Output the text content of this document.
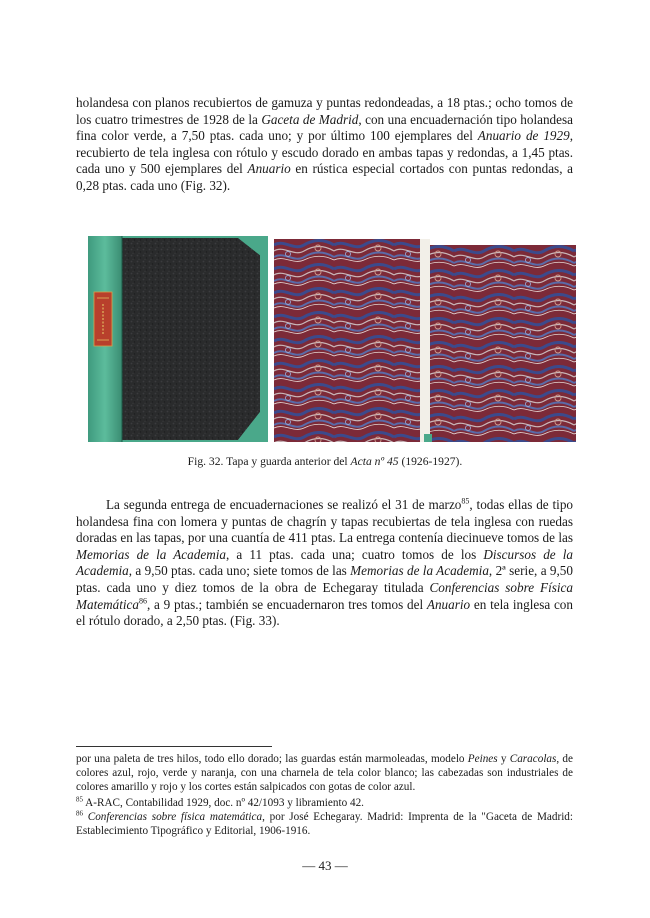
holandesa con planos recubiertos de gamuza y puntas redondeadas, a 18 ptas.; ocho tomos de los cuatro trimestres de 1928 de la Gaceta de Madrid, con una encuadernación tipo holandesa fina color verde, a 7,50 ptas. cada uno; y por último 100 ejemplares del Anuario de 1929, recubierto de tela inglesa con rótulo y escudo dorado en ambas tapas y redondas, a 1,45 ptas. cada uno y 500 ejemplares del Anuario en rústica especial cortados con puntas redondas, a 0,28 ptas. cada uno (Fig. 32).

Fig. 32. Tapa y guarda anterior del Acta nº 45 (1926-1927).

La segunda entrega de encuadernaciones se realizó el 31 de marzo$^{85}$, todas ellas de tipo holandesa fina con lomera y puntas de chagrín y tapas recubiertas de tela inglesa con ruedas doradas en las tapas, por una cuantía de 411 ptas. La entrega contenía diecinueve tomos de las Memorias de la Academia, a 11 ptas. cada una; cuatro tomos de los Discursos de la Academia, a 9,50 ptas. cada uno; siete tomos de las Memorias de la Academia, 2ª serie, a 9,50 ptas. cada uno y diez tomos de la obra de Echegaray titulada Conferencias sobre Física Matemática$^{86}$, a 9 ptas.; también se encuadernaron tres tomos del Anuario en tela inglesa con el rótulo dorado, a 2,50 ptas. (Fig. 33).

por una paleta de tres hilos, todo ello dorado; las guardas están marmoleadas, modelo Peines y Caracolas, de colores azul, rojo, verde y naranja, con una charnela de tela color blanco; las cabezadas son industriales de colores amarillo y rojo y los cortes están salpicados con gotas de color azul.

$^{85}$ A-RAC, Contabilidad 1929, doc. nº 42/1093 y libramiento 42.

$^{86}$ Conferencias sobre física matemática, por José Echegaray. Madrid: Imprenta de la "Gaceta de Madrid: Establecimiento Tipográfico y Editorial, 1906-1916.

— 43 —
